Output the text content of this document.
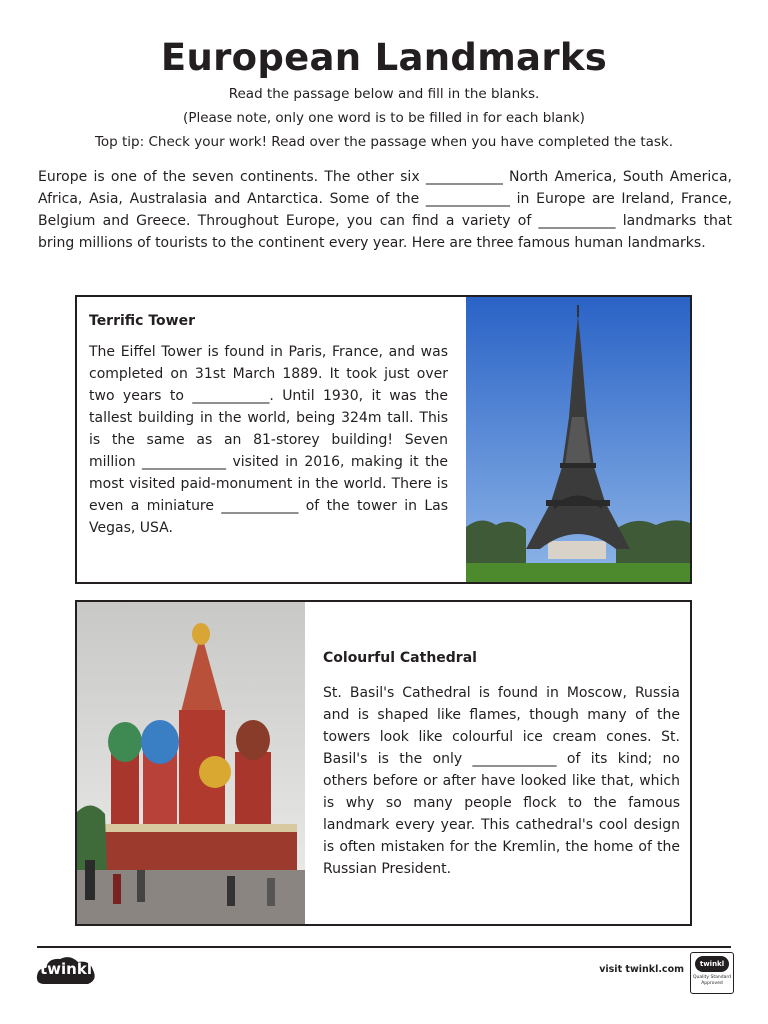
European Landmarks
Read the passage below and fill in the blanks.
(Please note, only one word is to be filled in for each blank)
Top tip: Check your work! Read over the passage when you have completed the task.

Europe is one of the seven continents. The other six ___________ North America, South America, Africa, Asia, Australasia and Antarctica. Some of the ____________ in Europe are Ireland, France, Belgium and Greece. Throughout Europe, you can find a variety of ___________ landmarks that bring millions of tourists to the continent every year. Here are three famous human landmarks.

Terrific Tower

The Eiffel Tower is found in Paris, France, and was completed on 31st March 1889. It took just over two years to ___________. Until 1930, it was the tallest building in the world, being 324m tall. This is the same as an 81-storey building! Seven million ____________ visited in 2016, making it the most visited paid-monument in the world. There is even a miniature ___________ of the tower in Las Vegas, USA.

Colourful Cathedral

St. Basil's Cathedral is found in Moscow, Russia and is shaped like flames, though many of the towers look like colourful ice cream cones. St. Basil's is the only ____________ of its kind; no others before or after have looked like that, which is why so many people flock to the famous landmark every year. This cathedral's cool design is often mistaken for the Kremlin, the home of the Russian President.

twinkl	visit twinkl.com	twinkl
Quality Standard Approved
